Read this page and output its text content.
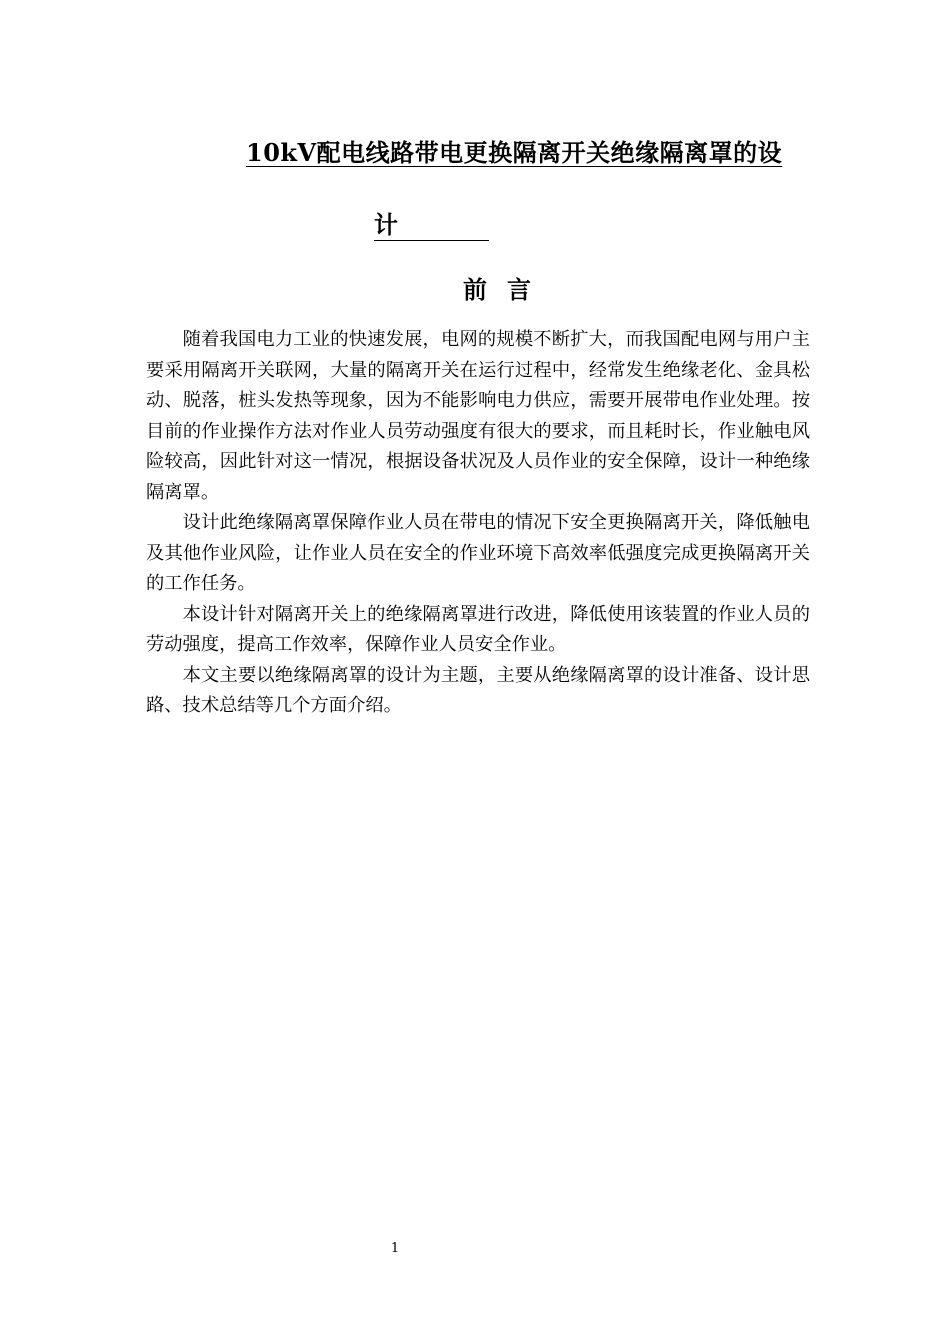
10kV配电线路带电更换隔离开关绝缘隔离罩的设
计
前言

随着我国电力工业的快速发展，电网的规模不断扩大，而我国配电网与用户主要采用隔离开关联网，大量的隔离开关在运行过程中，经常发生绝缘老化、金具松动、脱落，桩头发热等现象，因为不能影响电力供应，需要开展带电作业处理。按目前的作业操作方法对作业人员劳动强度有很大的要求，而且耗时长，作业触电风险较高，因此针对这一情况，根据设备状况及人员作业的安全保障，设计一种绝缘隔离罩。

设计此绝缘隔离罩保障作业人员在带电的情况下安全更换隔离开关，降低触电及其他作业风险，让作业人员在安全的作业环境下高效率低强度完成更换隔离开关的工作任务。

本设计针对隔离开关上的绝缘隔离罩进行改进，降低使用该装置的作业人员的劳动强度，提高工作效率，保障作业人员安全作业。

本文主要以绝缘隔离罩的设计为主题，主要从绝缘隔离罩的设计准备、设计思路、技术总结等几个方面介绍。

1
